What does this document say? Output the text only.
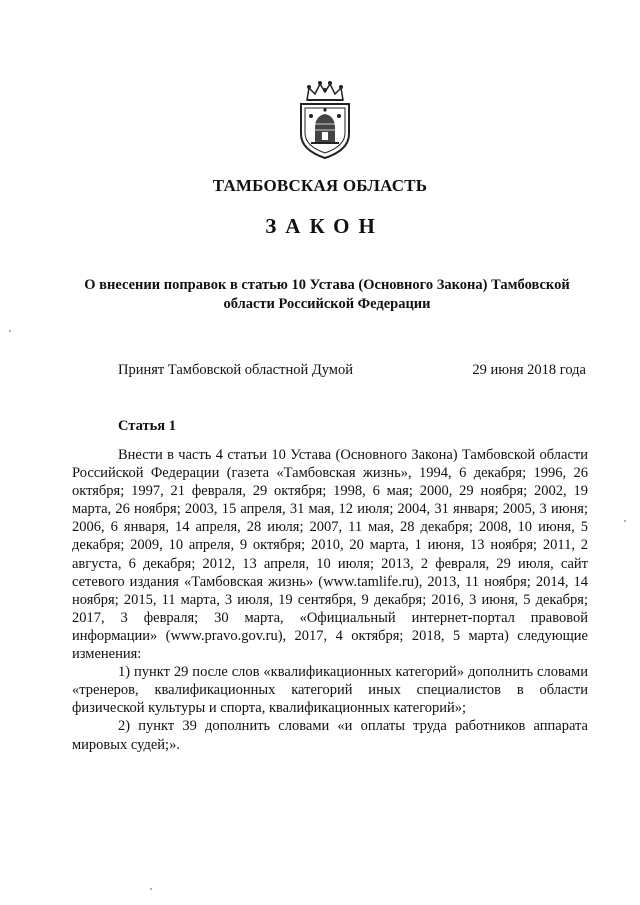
ТАМБОВСКАЯ ОБЛАСТЬ
ЗАКОН
О внесении поправок в статью 10 Устава (Основного Закона) Тамбовской области Российской Федерации
Принят Тамбовской областной Думой	29 июня 2018 года
Статья 1

Внести в часть 4 статьи 10 Устава (Основного Закона) Тамбовской области Российской Федерации (газета «Тамбовская жизнь», 1994, 6 декабря; 1996, 26 октября; 1997, 21 февраля, 29 октября; 1998, 6 мая; 2000, 29 ноября; 2002, 19 марта, 26 ноября; 2003, 15 апреля, 31 мая, 12 июля; 2004, 31 января; 2005, 3 июня; 2006, 6 января, 14 апреля, 28 июля; 2007, 11 мая, 28 декабря; 2008, 10 июня, 5 декабря; 2009, 10 апреля, 9 октября; 2010, 20 марта, 1 июня, 13 ноября; 2011, 2 августа, 6 декабря; 2012, 13 апреля, 10 июля; 2013, 2 февраля, 29 июля, сайт сетевого издания «Тамбовская жизнь» (www.tamlife.ru), 2013, 11 ноября; 2014, 14 ноября; 2015, 11 марта, 3 июля, 19 сентября, 9 декабря; 2016, 3 июня, 5 декабря; 2017, 3 февраля; 30 марта, «Официальный интернет-портал правовой информации» (www.pravo.gov.ru), 2017, 4 октября; 2018, 5 марта) следующие изменения:

1) пункт 29 после слов «квалификационных категорий» дополнить словами «тренеров, квалификационных категорий иных специалистов в области физической культуры и спорта, квалификационных категорий»;

2) пункт 39 дополнить словами «и оплаты труда работников аппарата мировых судей;».
